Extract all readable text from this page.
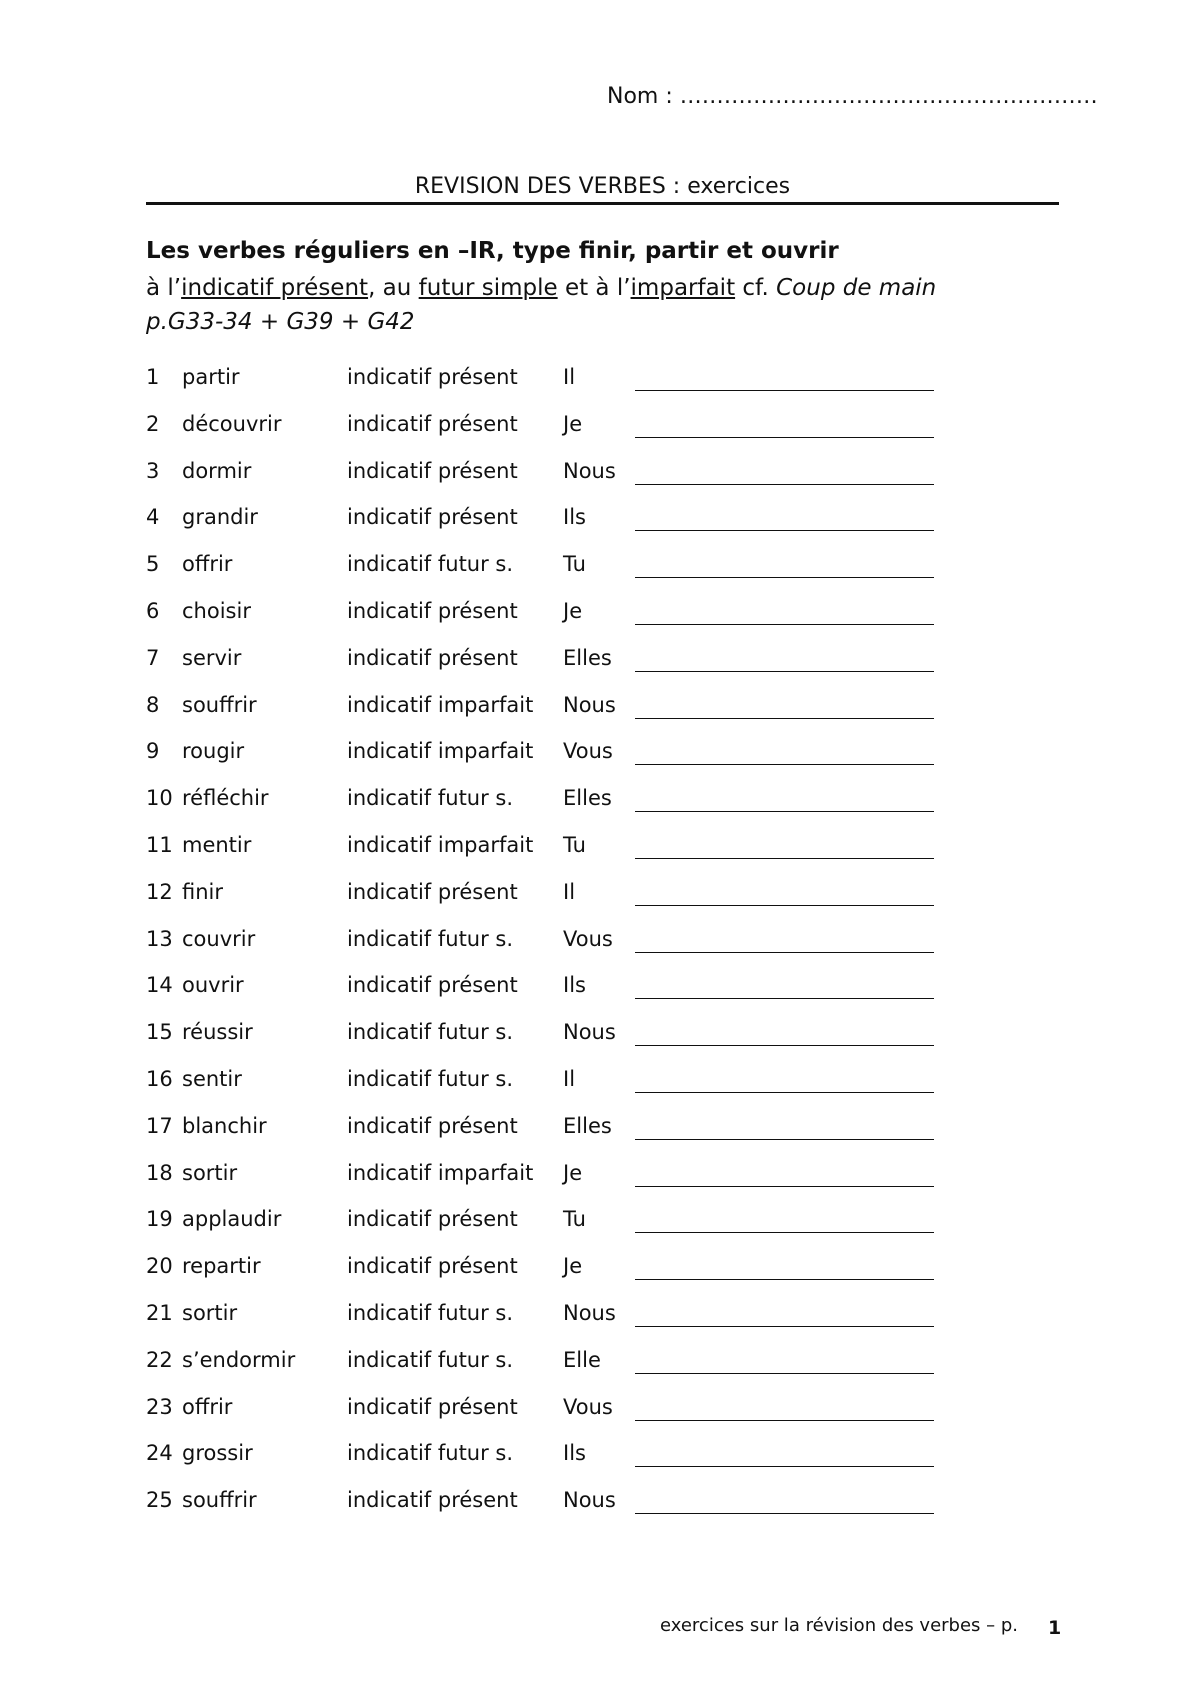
Nom : …………………………………………………
REVISION DES VERBES : exercices
Les verbes réguliers en –IR, type finir, partir et ouvrir
à l’indicatif présent, au futur simple et à l’imparfait cf. Coup de main
p.G33-34 + G39 + G42
1 partir	indicatif présent Il
2 découvrir	indicatif présent Je
3 dormir	indicatif présent Nous
4 grandir	indicatif présent Ils
5 offrir	indicatif futur s. Tu
6 choisir	indicatif présent Je
7 servir	indicatif présent Elles
8 souffrir	indicatif imparfait Nous
9 rougir	indicatif imparfait Vous
10 réfléchir	indicatif futur s. Elles
11 mentir	indicatif imparfait Tu
12 finir	indicatif présent Il
13 couvrir	indicatif futur s. Vous
14 ouvrir	indicatif présent Ils
15 réussir	indicatif futur s. Nous
16 sentir	indicatif futur s. Il
17 blanchir	indicatif présent Elles
18 sortir	indicatif imparfait Je
19 applaudir	indicatif présent Tu
20 repartir	indicatif présent Je
21 sortir	indicatif futur s. Nous
22 s’endormir indicatif futur s. Elle
23 offrir	indicatif présent Vous
24 grossir	indicatif futur s. Ils
25 souffrir	indicatif présent Nous
exercices sur la révision des verbes – p. 1
